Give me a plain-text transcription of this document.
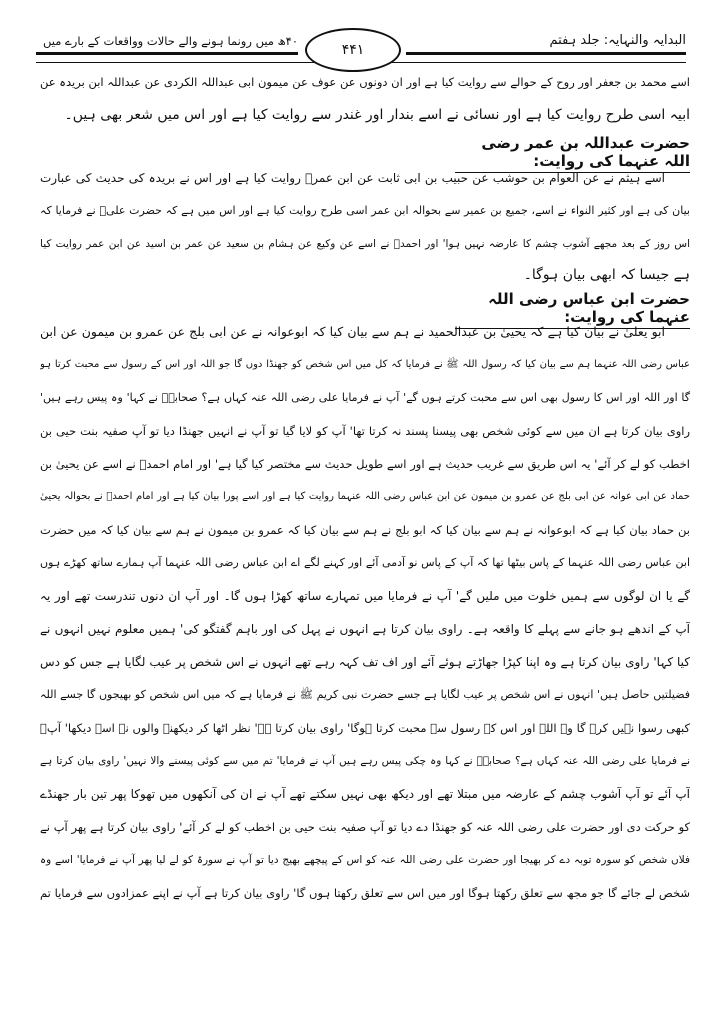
۴۴۱
البدایہ والنہایہ: جلد ہفتم
۴۰ھ میں رونما ہونے والے حالات وواقعات کے بارے میں
اسے محمد بن جعفر اور روح کے حوالے سے روایت کیا ہے اور ان دونوں عن عوف عن میمون ابی عبداللہ الکردی عن عبداللہ ابن بریدہ عن
ابیہ اسی طرح روایت کیا ہے اور نسائی نے اسے بندار اور غندر سے روایت کیا ہے اور اس میں شعر بھی ہیں۔
حضرت عبداللہ بن عمر رضی اللہ عنہما کی روایت:
اسے ہیثم نے عن العوام بن حوشب عن حبیب بن ابی ثابت عن ابن عمرؓ روایت کیا ہے اور اس نے بریدہ کی حدیث کی عبارت
بیان کی ہے اور کثیر النواء نے اسے، جمیع بن عمیر سے بحوالہ ابن عمر اسی طرح روایت کیا ہے اور اس میں ہے کہ حضرت علیؓ نے فرمایا کہ
اس روز کے بعد مجھے آشوب چشم کا عارضہ نہیں ہوا' اور احمدؒ نے اسے عن وکیع عن ہشام بن سعید عن عمر بن اسید عن ابن عمر روایت کیا
ہے جیسا کہ ابھی بیان ہوگا۔
حضرت ابن عباس رضی اللہ عنہما کی روایت:
ابو یعلیٰ نے بیان کیا ہے کہ یحییٰ بن عبدالحمید نے ہم سے بیان کیا کہ ابوعوانہ نے عن ابی بلج عن عمرو بن میمون عن ابن
عباس رضی اللہ عنہما ہم سے بیان کیا کہ رسول اللہ ﷺ نے فرمایا کہ کل میں اس شخص کو جھنڈا دوں گا جو اللہ اور اس کے رسول سے محبت کرتا ہو
گا اور اللہ اور اس کا رسول بھی اس سے محبت کرتے ہوں گے' آپ نے فرمایا علی رضی اللہ عنہ کہاں ہے؟ صحابہؓ نے کہا' وہ پیس رہے ہیں'
راوی بیان کرتا ہے ان میں سے کوئی شخص بھی پیسنا پسند نہ کرتا تھا' آپ کو لایا گیا تو آپ نے انہیں جھنڈا دیا تو آپ صفیہ بنت حیی بن
اخطب کو لے کر آئے' یہ اس طریق سے غریب حدیث ہے اور اسے طویل حدیث سے مختصر کیا گیا ہے' اور امام احمدؒ نے اسے عن یحییٰ بن
حماد عن ابی عوانہ عن ابی بلج عن عمرو بن میمون عن ابن عباس رضی اللہ عنہما روایت کیا ہے اور اسے پورا بیان کیا ہے اور امام احمدؒ نے بحوالہ یحییٰ
بن حماد بیان کیا ہے کہ ابوعوانہ نے ہم سے بیان کیا کہ ابو بلج نے ہم سے بیان کیا کہ عمرو بن میمون نے ہم سے بیان کیا کہ میں حضرت
ابن عباس رضی اللہ عنہما کے پاس بیٹھا تھا کہ آپ کے پاس نو آدمی آئے اور کہنے لگے اے ابن عباس رضی اللہ عنہما آپ ہمارے ساتھ کھڑے ہوں
گے یا ان لوگوں سے ہمیں خلوت میں ملیں گے' آپ نے فرمایا میں تمہارے ساتھ کھڑا ہوں گا۔ اور آپ ان دنوں تندرست تھے اور یہ
آپ کے اندھے ہو جانے سے پہلے کا واقعہ ہے۔ راوی بیان کرتا ہے انہوں نے پہل کی اور باہم گفتگو کی' ہمیں معلوم نہیں انہوں نے
کیا کہا' راوی بیان کرتا ہے وہ اپنا کپڑا جھاڑتے ہوئے آئے اور اف تف کہہ رہے تھے انہوں نے اس شخص پر عیب لگایا ہے جس کو دس
فضیلتیں حاصل ہیں' انہوں نے اس شخص پر عیب لگایا ہے جسے حضرت نبی کریم ﷺ نے فرمایا ہے کہ میں اس شخص کو بھیجوں گا جسے اللہ
کبھی رسوا نہیں کرے گا وہ اللہ اور اس کے رسول سے محبت کرتا ہوگا' راوی بیان کرتا ہے' نظر اٹھا کر دیکھنے والوں نے اسے دیکھا' آپؐ
نے فرمایا علی رضی اللہ عنہ کہاں ہے؟ صحابہؓ نے کہا وہ چکی پیس رہے ہیں آپ نے فرمایا' تم میں سے کوئی پیسنے والا نہیں' راوی بیان کرتا ہے
آپ آئے تو آپ آشوب چشم کے عارضہ میں مبتلا تھے اور دیکھ بھی نہیں سکتے تھے آپ نے ان کی آنکھوں میں تھوکا پھر تین بار جھنڈے
کو حرکت دی اور حضرت علی رضی اللہ عنہ کو جھنڈا دے دیا تو آپ صفیہ بنت حیی بن اخطب کو لے کر آئے' راوی بیان کرتا ہے پھر آپ نے
فلاں شخص کو سورہ توبہ دے کر بھیجا اور حضرت علی رضی اللہ عنہ کو اس کے پیچھے بھیج دیا تو آپ نے سورۃ کو لے لیا پھر آپ نے فرمایا' اسے وہ
شخص لے جائے گا جو مجھ سے تعلق رکھتا ہوگا اور میں اس سے تعلق رکھتا ہوں گا' راوی بیان کرتا ہے آپ نے اپنے عمزادوں سے فرمایا تم
